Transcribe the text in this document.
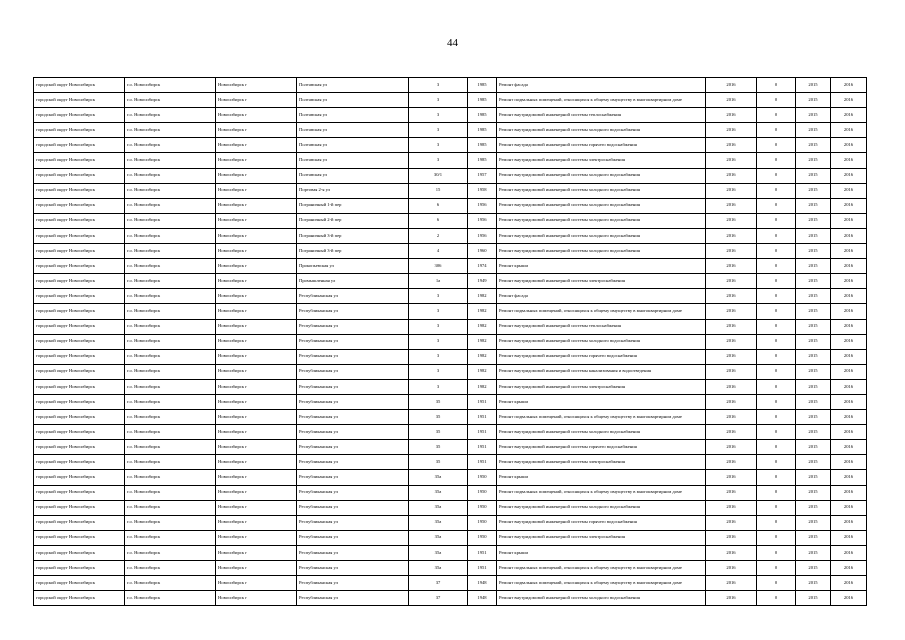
44
городской округ Новосибирск	г.о. Новосибирск	Новосибирск г	Полтавская ул	3	1985	Ремонт фасада	2016	0	2015	2016
городской округ Новосибирск	г.о. Новосибирск	Новосибирск г	Полтавская ул	3	1985	Ремонт подвальных помещений, относящихся к общему имуществу в многоквартирном доме	2016	0	2015	2016
городской округ Новосибирск	г.о. Новосибирск	Новосибирск г	Полтавская ул	3	1985	Ремонт внутридомовой инженерной системы теплоснабжения	2016	0	2015	2016
городской округ Новосибирск	г.о. Новосибирск	Новосибирск г	Полтавская ул	3	1985	Ремонт внутридомовой инженерной системы холодного водоснабжения	2016	0	2015	2016
городской округ Новосибирск	г.о. Новосибирск	Новосибирск г	Полтавская ул	3	1985	Ремонт внутридомовой инженерной системы горячего водоснабжения	2016	0	2015	2016
городской округ Новосибирск	г.о. Новосибирск	Новосибирск г	Полтавская ул	3	1985	Ремонт внутридомовой инженерной системы электроснабжения	2016	0	2015	2016
городской округ Новосибирск	г.о. Новосибирск	Новосибирск г	Полтавская ул	30/1	1957	Ремонт внутридомовой инженерной системы холодного водоснабжения	2016	0	2015	2016
городской округ Новосибирск	г.о. Новосибирск	Новосибирск г	Портовая 2-я ул	15	1958	Ремонт внутридомовой инженерной системы холодного водоснабжения	2016	0	2015	2016
городской округ Новосибирск	г.о. Новосибирск	Новосибирск г	Пограничный 1-й пер	6	1956	Ремонт внутридомовой инженерной системы холодного водоснабжения	2016	0	2015	2016
городской округ Новосибирск	г.о. Новосибирск	Новосибирск г	Пограничный 2-й пер	6	1956	Ремонт внутридомовой инженерной системы холодного водоснабжения	2016	0	2015	2016
городской округ Новосибирск	г.о. Новосибирск	Новосибирск г	Пограничный 3-й пер	2	1956	Ремонт внутридомовой инженерной системы холодного водоснабжения	2016	0	2015	2016
городской округ Новосибирск	г.о. Новосибирск	Новосибирск г	Пограничный 3-й пер	4	1960	Ремонт внутридомовой инженерной системы холодного водоснабжения	2016	0	2015	2016
городской округ Новосибирск	г.о. Новосибирск	Новосибирск г	Прокопьевская ул	306	1974	Ремонт крыши	2016	0	2015	2016
городской округ Новосибирск	г.о. Новосибирск	Новосибирск г	Промышленная ул	1а	1949	Ремонт внутридомовой инженерной системы электроснабжения	2016	0	2015	2016
городской округ Новосибирск	г.о. Новосибирск	Новосибирск г	Республиканская ул	3	1982	Ремонт фасада	2016	0	2015	2016
городской округ Новосибирск	г.о. Новосибирск	Новосибирск г	Республиканская ул	3	1982	Ремонт подвальных помещений, относящихся к общему имуществу в многоквартирном доме	2016	0	2015	2016
городской округ Новосибирск	г.о. Новосибирск	Новосибирск г	Республиканская ул	3	1982	Ремонт внутридомовой инженерной системы теплоснабжения	2016	0	2015	2016
городской округ Новосибирск	г.о. Новосибирск	Новосибирск г	Республиканская ул	3	1982	Ремонт внутридомовой инженерной системы холодного водоснабжения	2016	0	2015	2016
городской округ Новосибирск	г.о. Новосибирск	Новосибирск г	Республиканская ул	3	1982	Ремонт внутридомовой инженерной системы горячего водоснабжения	2016	0	2015	2016
городской округ Новосибирск	г.о. Новосибирск	Новосибирск г	Республиканская ул	3	1982	Ремонт внутридомовой инженерной системы канализования и водоотведения	2016	0	2015	2016
городской округ Новосибирск	г.о. Новосибирск	Новосибирск г	Республиканская ул	3	1982	Ремонт внутридомовой инженерной системы электроснабжения	2016	0	2015	2016
городской округ Новосибирск	г.о. Новосибирск	Новосибирск г	Республиканская ул	35	1951	Ремонт крыши	2016	0	2015	2016
городской округ Новосибирск	г.о. Новосибирск	Новосибирск г	Республиканская ул	35	1951	Ремонт подвальных помещений, относящихся к общему имуществу в многоквартирном доме	2016	0	2015	2016
городской округ Новосибирск	г.о. Новосибирск	Новосибирск г	Республиканская ул	35	1951	Ремонт внутридомовой инженерной системы холодного водоснабжения	2016	0	2015	2016
городской округ Новосибирск	г.о. Новосибирск	Новосибирск г	Республиканская ул	35	1951	Ремонт внутридомовой инженерной системы горячего водоснабжения	2016	0	2015	2016
городской округ Новосибирск	г.о. Новосибирск	Новосибирск г	Республиканская ул	35	1951	Ремонт внутридомовой инженерной системы электроснабжения	2016	0	2015	2016
городской округ Новосибирск	г.о. Новосибирск	Новосибирск г	Республиканская ул	35а	1950	Ремонт крыши	2016	0	2015	2016
городской округ Новосибирск	г.о. Новосибирск	Новосибирск г	Республиканская ул	35а	1950	Ремонт подвальных помещений, относящихся к общему имуществу в многоквартирном доме	2016	0	2015	2016
городской округ Новосибирск	г.о. Новосибирск	Новосибирск г	Республиканская ул	35а	1950	Ремонт внутридомовой инженерной системы холодного водоснабжения	2016	0	2015	2016
городской округ Новосибирск	г.о. Новосибирск	Новосибирск г	Республиканская ул	35а	1950	Ремонт внутридомовой инженерной системы горячего водоснабжения	2016	0	2015	2016
городской округ Новосибирск	г.о. Новосибирск	Новосибирск г	Республиканская ул	35а	1950	Ремонт внутридомовой инженерной системы электроснабжения	2016	0	2015	2016
городской округ Новосибирск	г.о. Новосибирск	Новосибирск г	Республиканская ул	35а	1951	Ремонт крыши	2016	0	2015	2016
городской округ Новосибирск	г.о. Новосибирск	Новосибирск г	Республиканская ул	35а	1951	Ремонт подвальных помещений, относящихся к общему имуществу в многоквартирном доме	2016	0	2015	2016
городской округ Новосибирск	г.о. Новосибирск	Новосибирск г	Республиканская ул	37	1948	Ремонт подвальных помещений, относящихся к общему имуществу в многоквартирном доме	2016	0	2015	2016
городской округ Новосибирск	г.о. Новосибирск	Новосибирск г	Республиканская ул	37	1948	Ремонт внутридомовой инженерной системы холодного водоснабжения	2016	0	2015	2016
